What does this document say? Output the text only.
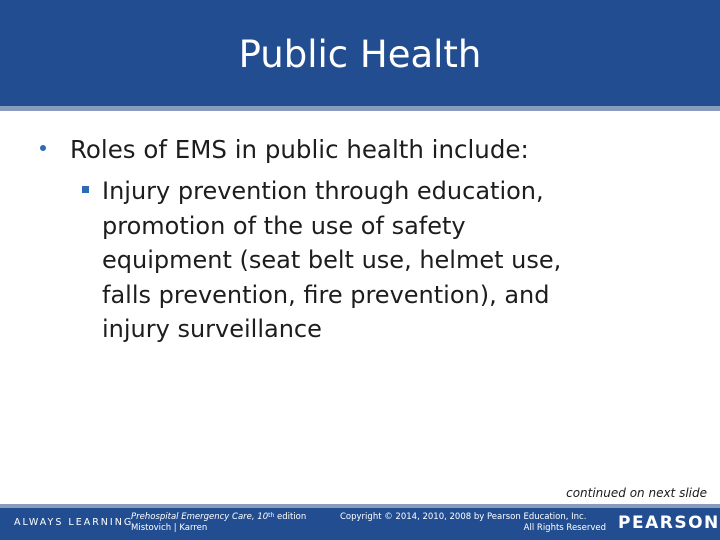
Public Health
Roles of EMS in public health include:
Injury prevention through education,
promotion of the use of safety
equipment (seat belt use, helmet use,
falls prevention, fire prevention), and
injury surveillance
continued on next slide
ALWAYS LEARNING
Prehospital Emergency Care, 10th edition
Mistovich | Karren
Copyright © 2014, 2010, 2008 by Pearson Education, Inc.
All Rights Reserved PEARSON
